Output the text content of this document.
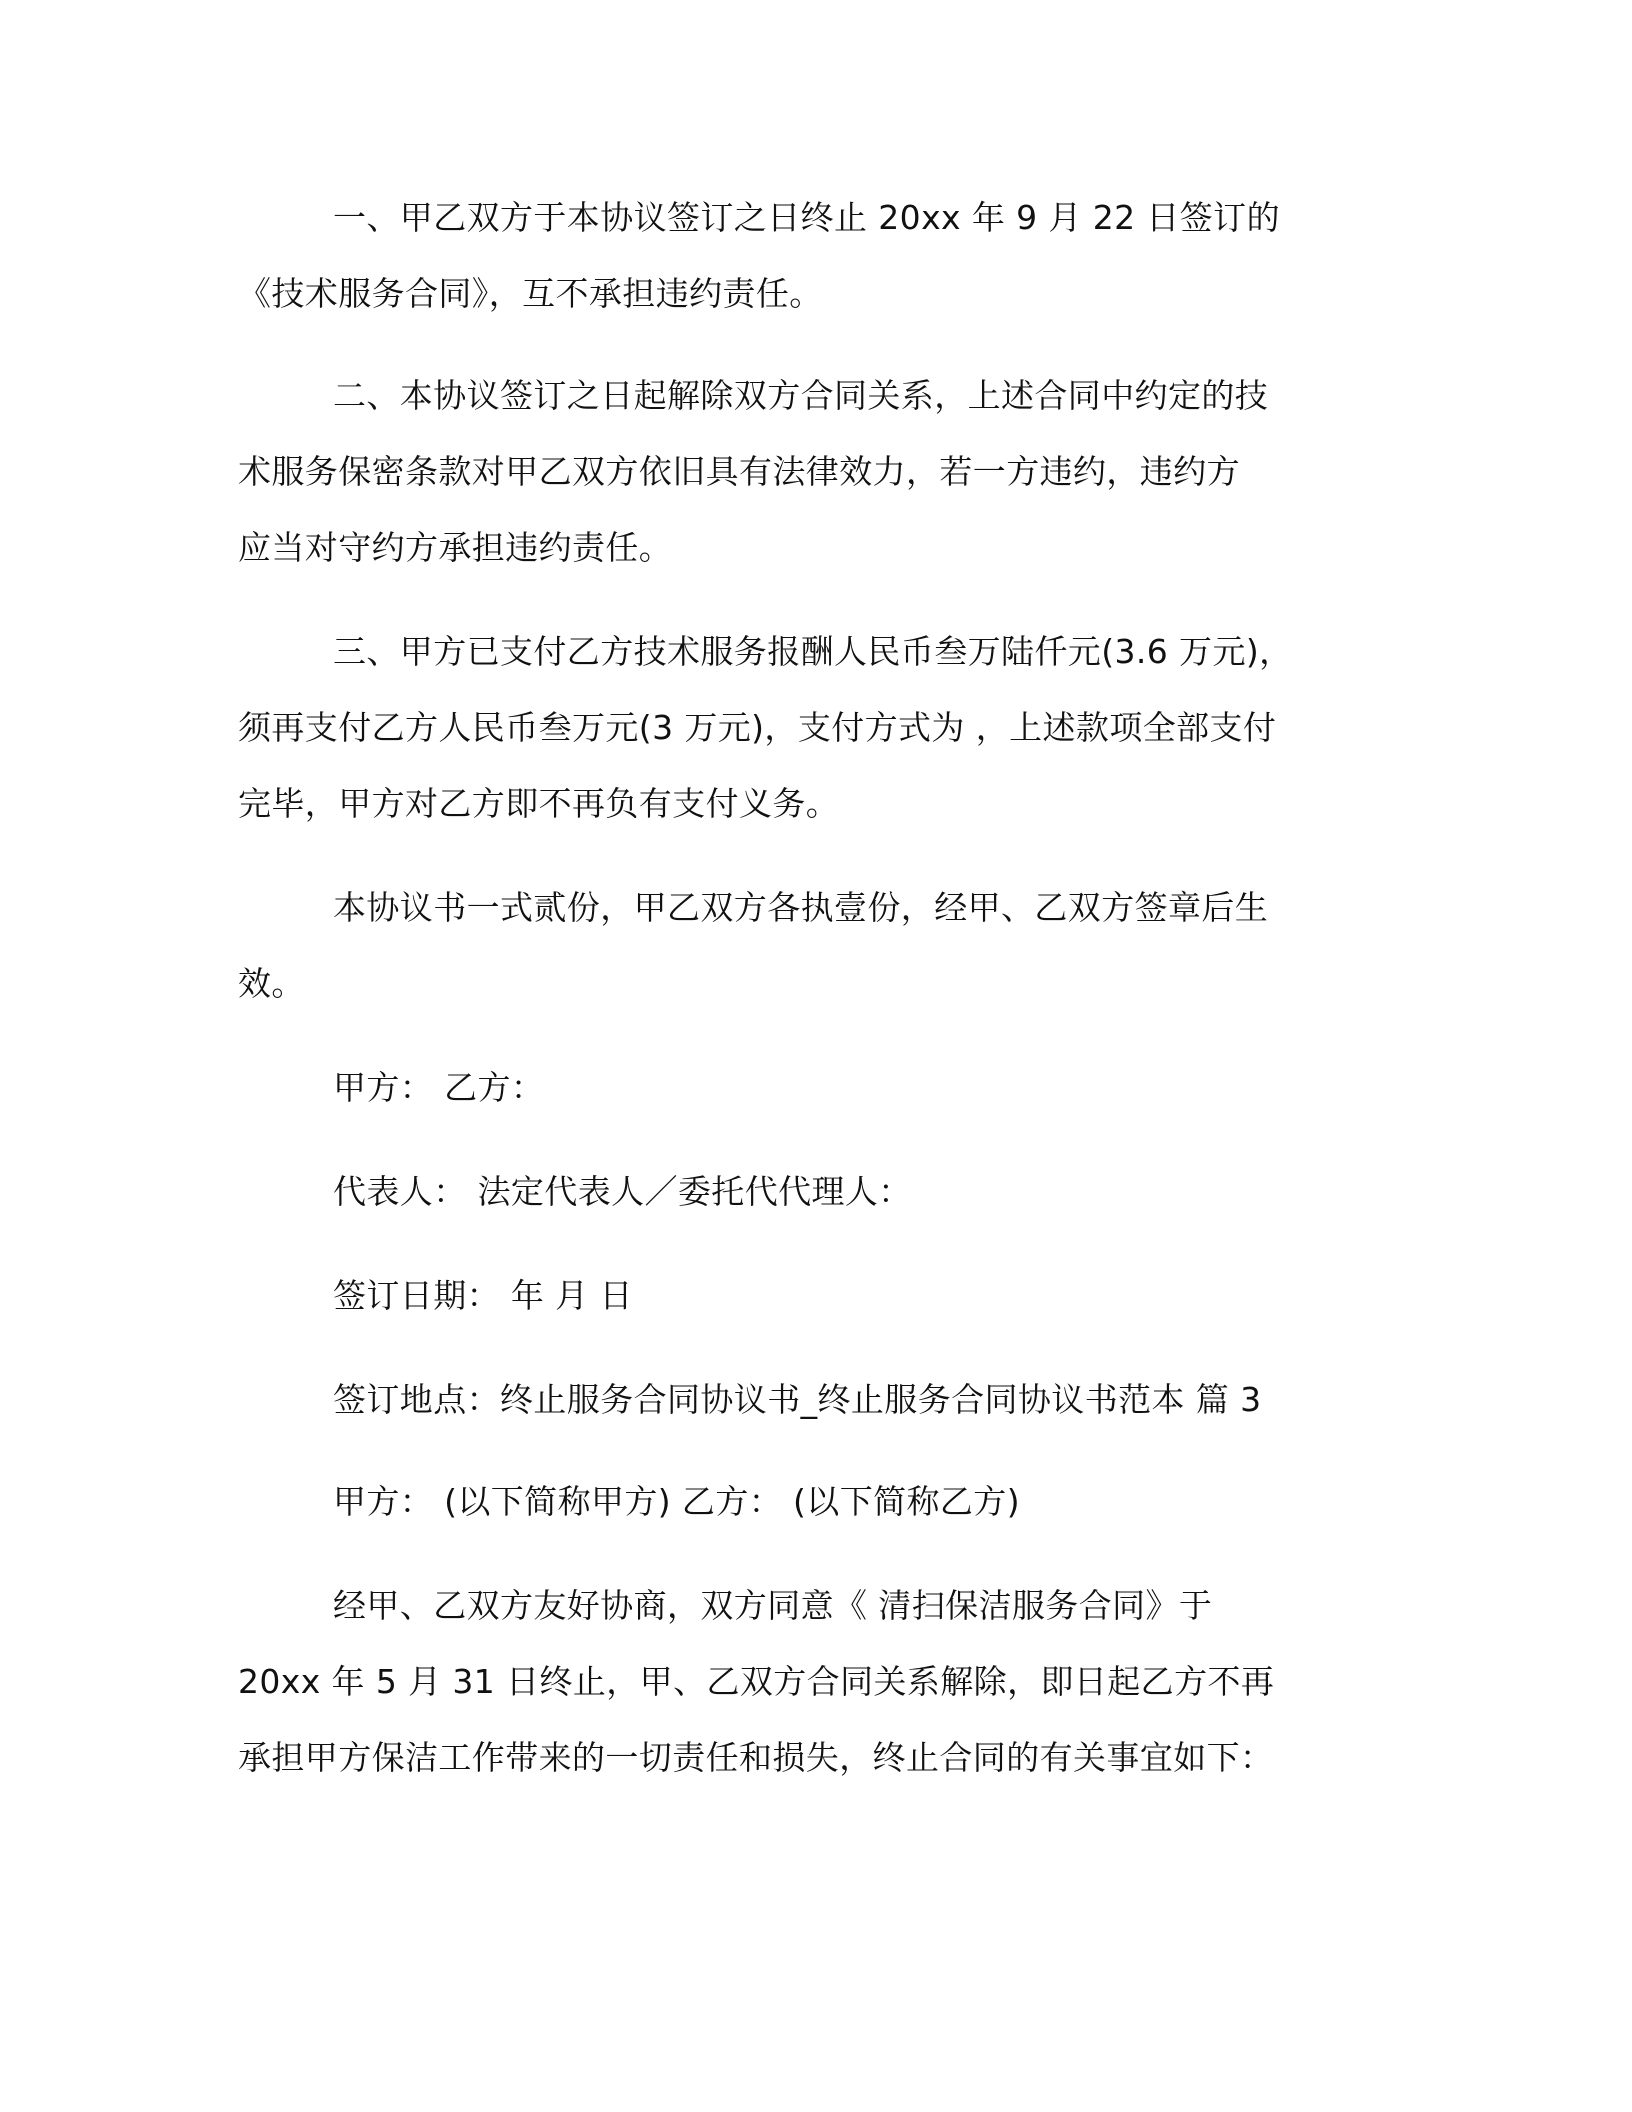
一、甲乙双方于本协议签订之日终止 20xx 年 9 月 22 日签订的

《技术服务合同》，互不承担违约责任。

二、本协议签订之日起解除双方合同关系，上述合同中约定的技

术服务保密条款对甲乙双方依旧具有法律效力，若一方违约，违约方

应当对守约方承担违约责任。

三、甲方已支付乙方技术服务报酬人民币叁万陆仟元(3.6 万元)，

须再支付乙方人民币叁万元(3 万元)，支付方式为 ，上述款项全部支付

完毕，甲方对乙方即不再负有支付义务。

本协议书一式贰份，甲乙双方各执壹份，经甲、乙双方签章后生

效。

甲方： 乙方：

代表人： 法定代表人／委托代代理人：

签订日期： 年 月 日

签订地点：终止服务合同协议书_终止服务合同协议书范本 篇 3

甲方： (以下简称甲方) 乙方： (以下简称乙方)

经甲、乙双方友好协商，双方同意《 清扫保洁服务合同》于

20xx 年 5 月 31 日终止，甲、乙双方合同关系解除，即日起乙方不再

承担甲方保洁工作带来的一切责任和损失，终止合同的有关事宜如下：
